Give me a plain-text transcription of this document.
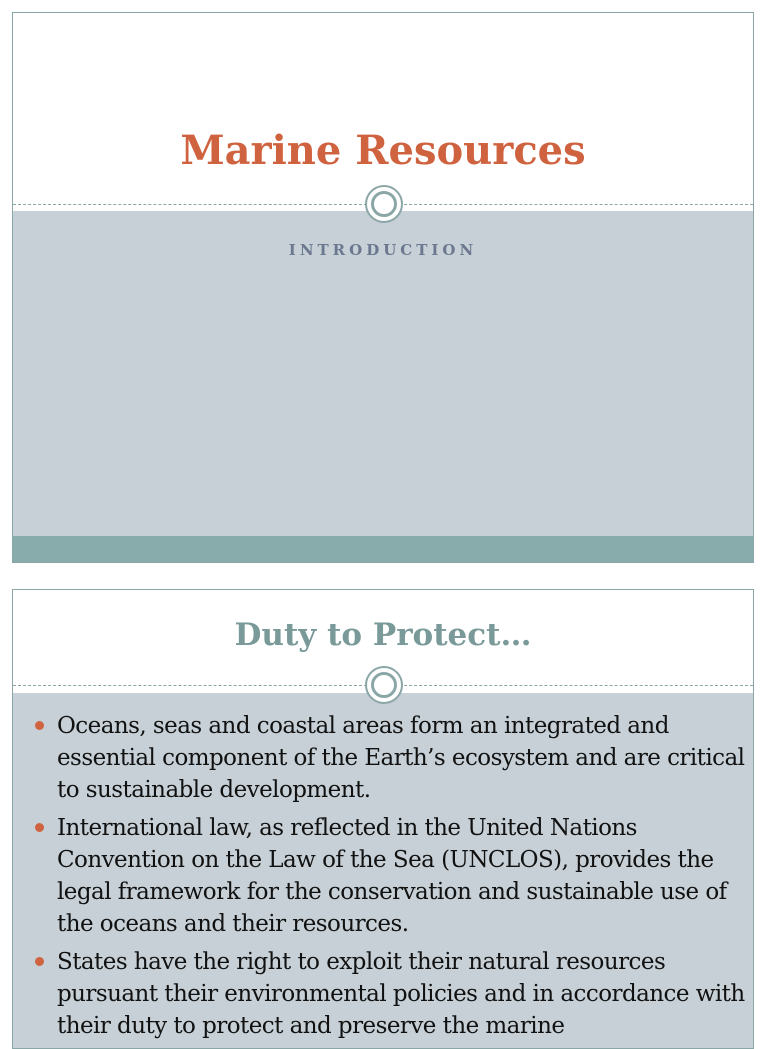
Marine Resources
INTRODUCTION
Duty to Protect…
Oceans, seas and coastal areas form an integrated and essential component of the Earth’s ecosystem and are critical to sustainable development.
International law, as reflected in the United Nations Convention on the Law of the Sea (UNCLOS), provides the legal framework for the conservation and sustainable use of the oceans and their resources.
States have the right to exploit their natural resources pursuant their environmental policies and in accordance with their duty to protect and preserve the marine
